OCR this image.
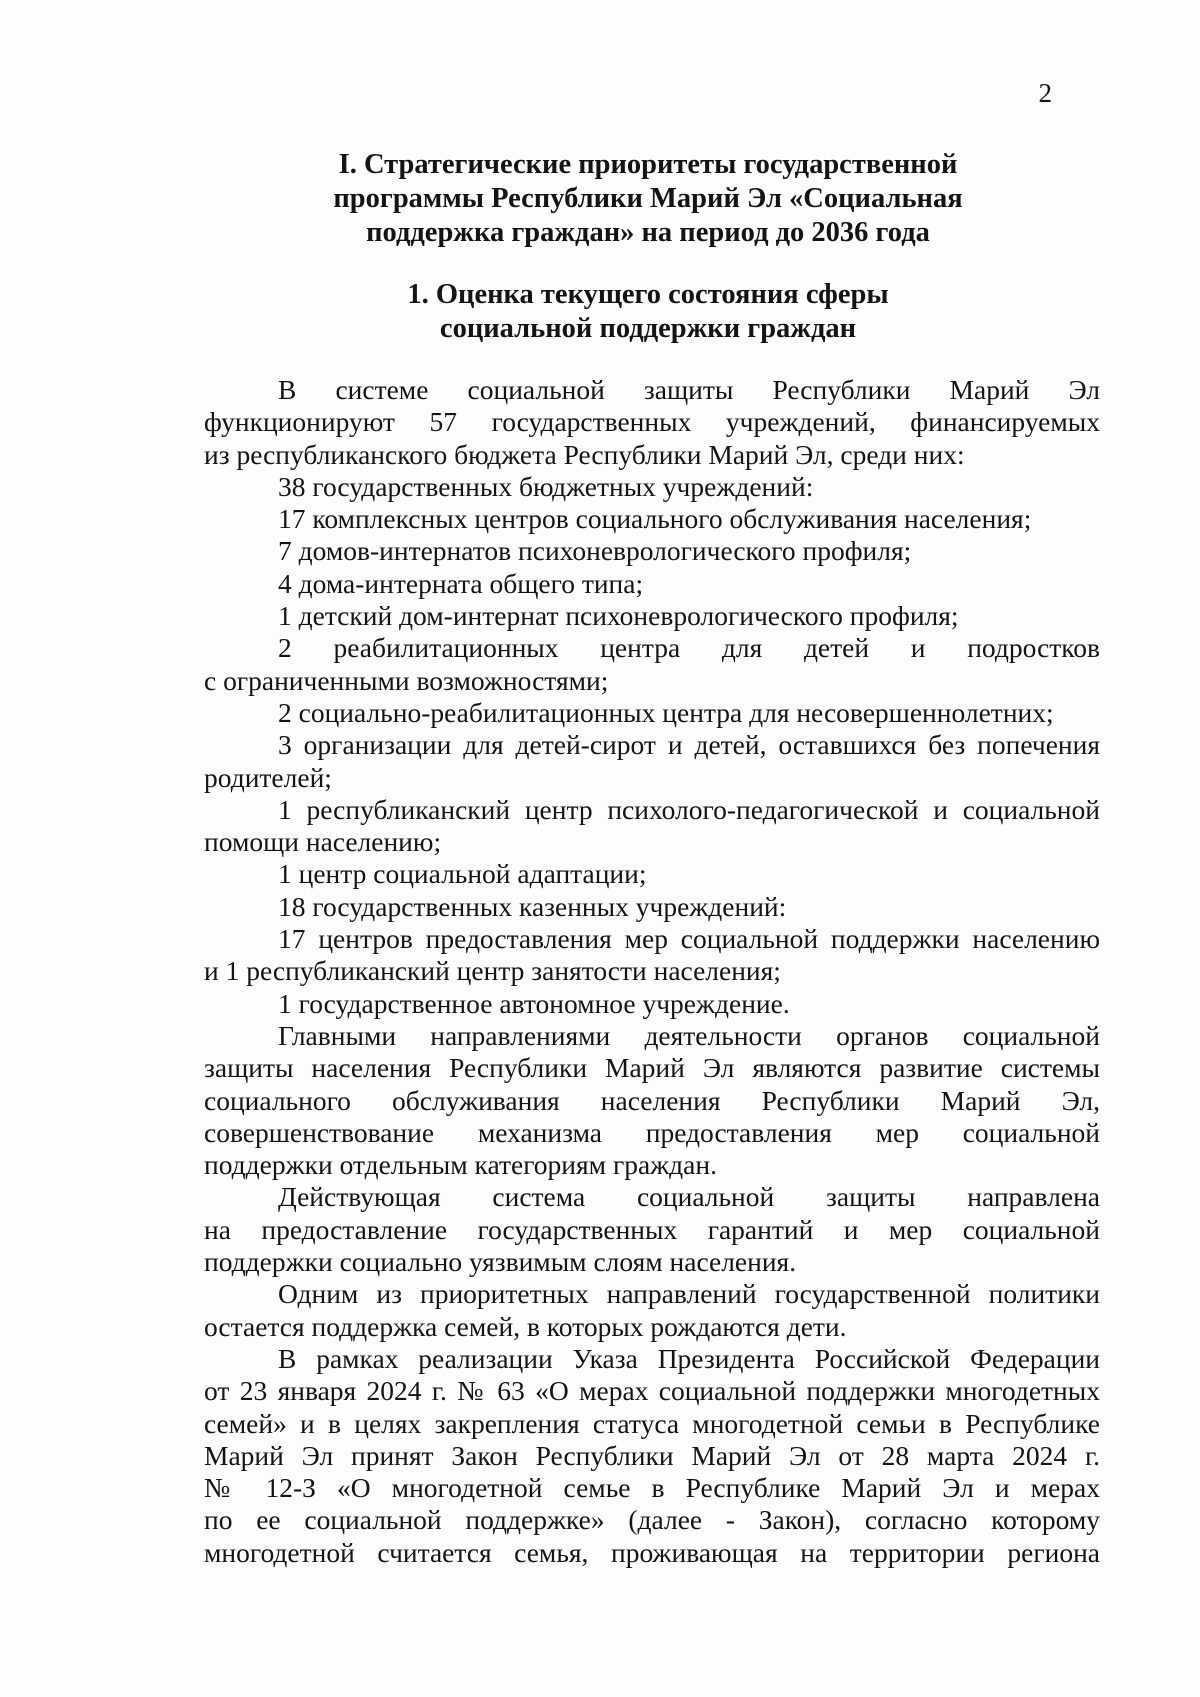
2
I. Стратегические приоритеты государственной
программы Республики Марий Эл «Социальная
поддержка граждан» на период до 2036 года
1. Оценка текущего состояния сферы
социальной поддержки граждан
В системе социальной защиты Республики Марий Эл
функционируют 57 государственных учреждений, финансируемых
из республиканского бюджета Республики Марий Эл, среди них:
38 государственных бюджетных учреждений:
17 комплексных центров социального обслуживания населения;
7 домов-интернатов психоневрологического профиля;
4 дома-интерната общего типа;
1 детский дом-интернат психоневрологического профиля;
2 реабилитационных центра для детей и подростков
с ограниченными возможностями;
2 социально-реабилитационных центра для несовершеннолетних;
3 организации для детей-сирот и детей, оставшихся без попечения
родителей;
1 республиканский центр психолого-педагогической и социальной
помощи населению;
1 центр социальной адаптации;
18 государственных казенных учреждений:
17 центров предоставления мер социальной поддержки населению
и 1 республиканский центр занятости населения;
1 государственное автономное учреждение.
Главными направлениями деятельности органов социальной
защиты населения Республики Марий Эл являются развитие системы
социального обслуживания населения Республики Марий Эл,
совершенствование механизма предоставления мер социальной
поддержки отдельным категориям граждан.
Действующая система социальной защиты направлена
на предоставление государственных гарантий и мер социальной
поддержки социально уязвимым слоям населения.
Одним из приоритетных направлений государственной политики
остается поддержка семей, в которых рождаются дети.
В рамках реализации Указа Президента Российской Федерации
от 23 января 2024 г. № 63 «О мерах социальной поддержки многодетных
семей» и в целях закрепления статуса многодетной семьи в Республике
Марий Эл принят Закон Республики Марий Эл от 28 марта 2024 г.
№ 12-З «О многодетной семье в Республике Марий Эл и мерах
по ее социальной поддержке» (далее - Закон), согласно которому
многодетной считается семья, проживающая на территории региона
